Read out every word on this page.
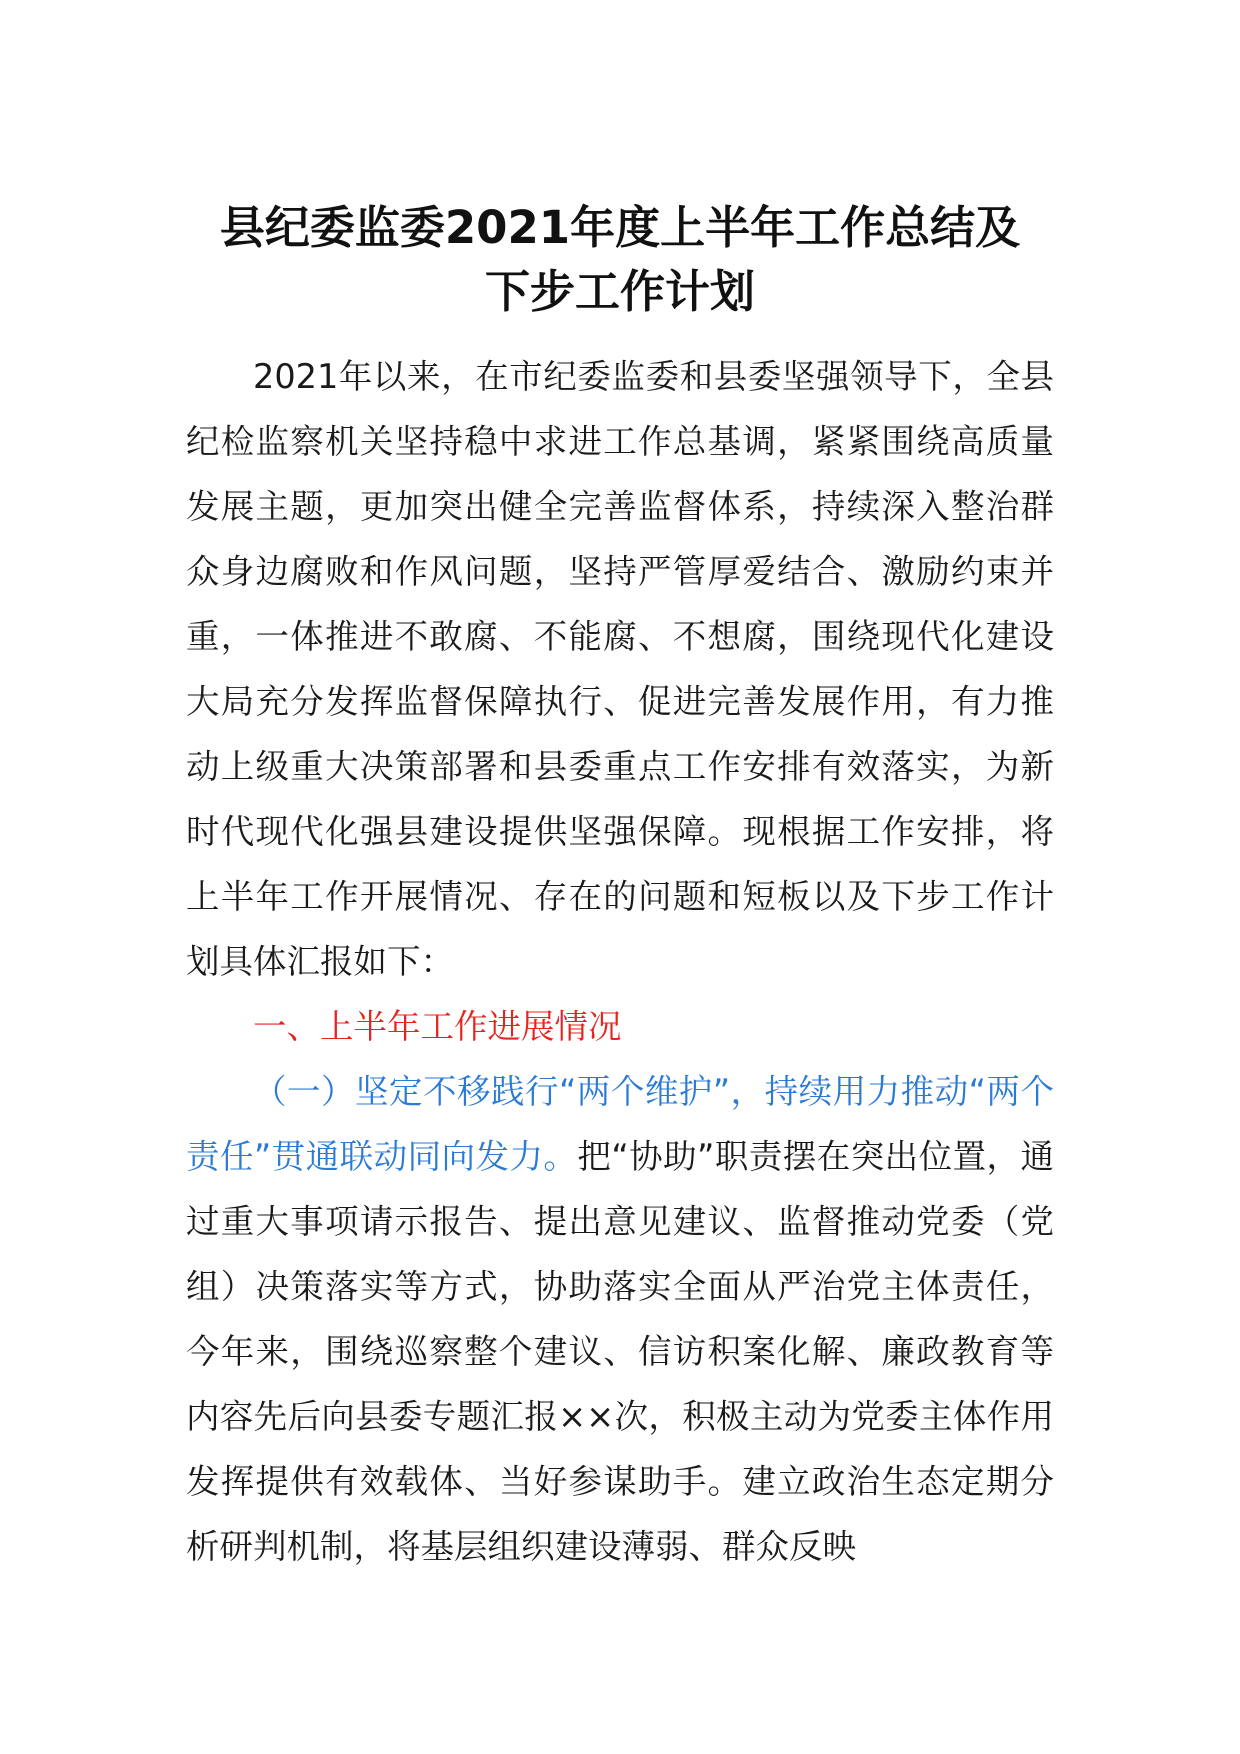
县纪委监委2021年度上半年工作总结及
下步工作计划

2021年以来，在市纪委监委和县委坚强领导下，全县纪检监察机关坚持稳中求进工作总基调，紧紧围绕高质量发展主题，更加突出健全完善监督体系，持续深入整治群众身边腐败和作风问题，坚持严管厚爱结合、激励约束并重，一体推进不敢腐、不能腐、不想腐，围绕现代化建设大局充分发挥监督保障执行、促进完善发展作用，有力推动上级重大决策部署和县委重点工作安排有效落实，为新时代现代化强县建设提供坚强保障。现根据工作安排，将上半年工作开展情况、存在的问题和短板以及下步工作计划具体汇报如下：

一、上半年工作进展情况

（一）坚定不移践行“两个维护”，持续用力推动“两个责任”贯通联动同向发力。把“协助”职责摆在突出位置，通过重大事项请示报告、提出意见建议、监督推动党委（党组）决策落实等方式，协助落实全面从严治党主体责任，今年来，围绕巡察整个建议、信访积案化解、廉政教育等内容先后向县委专题汇报××次，积极主动为党委主体作用发挥提供有效载体、当好参谋助手。建立政治生态定期分析研判机制，将基层组织建设薄弱、群众反映
